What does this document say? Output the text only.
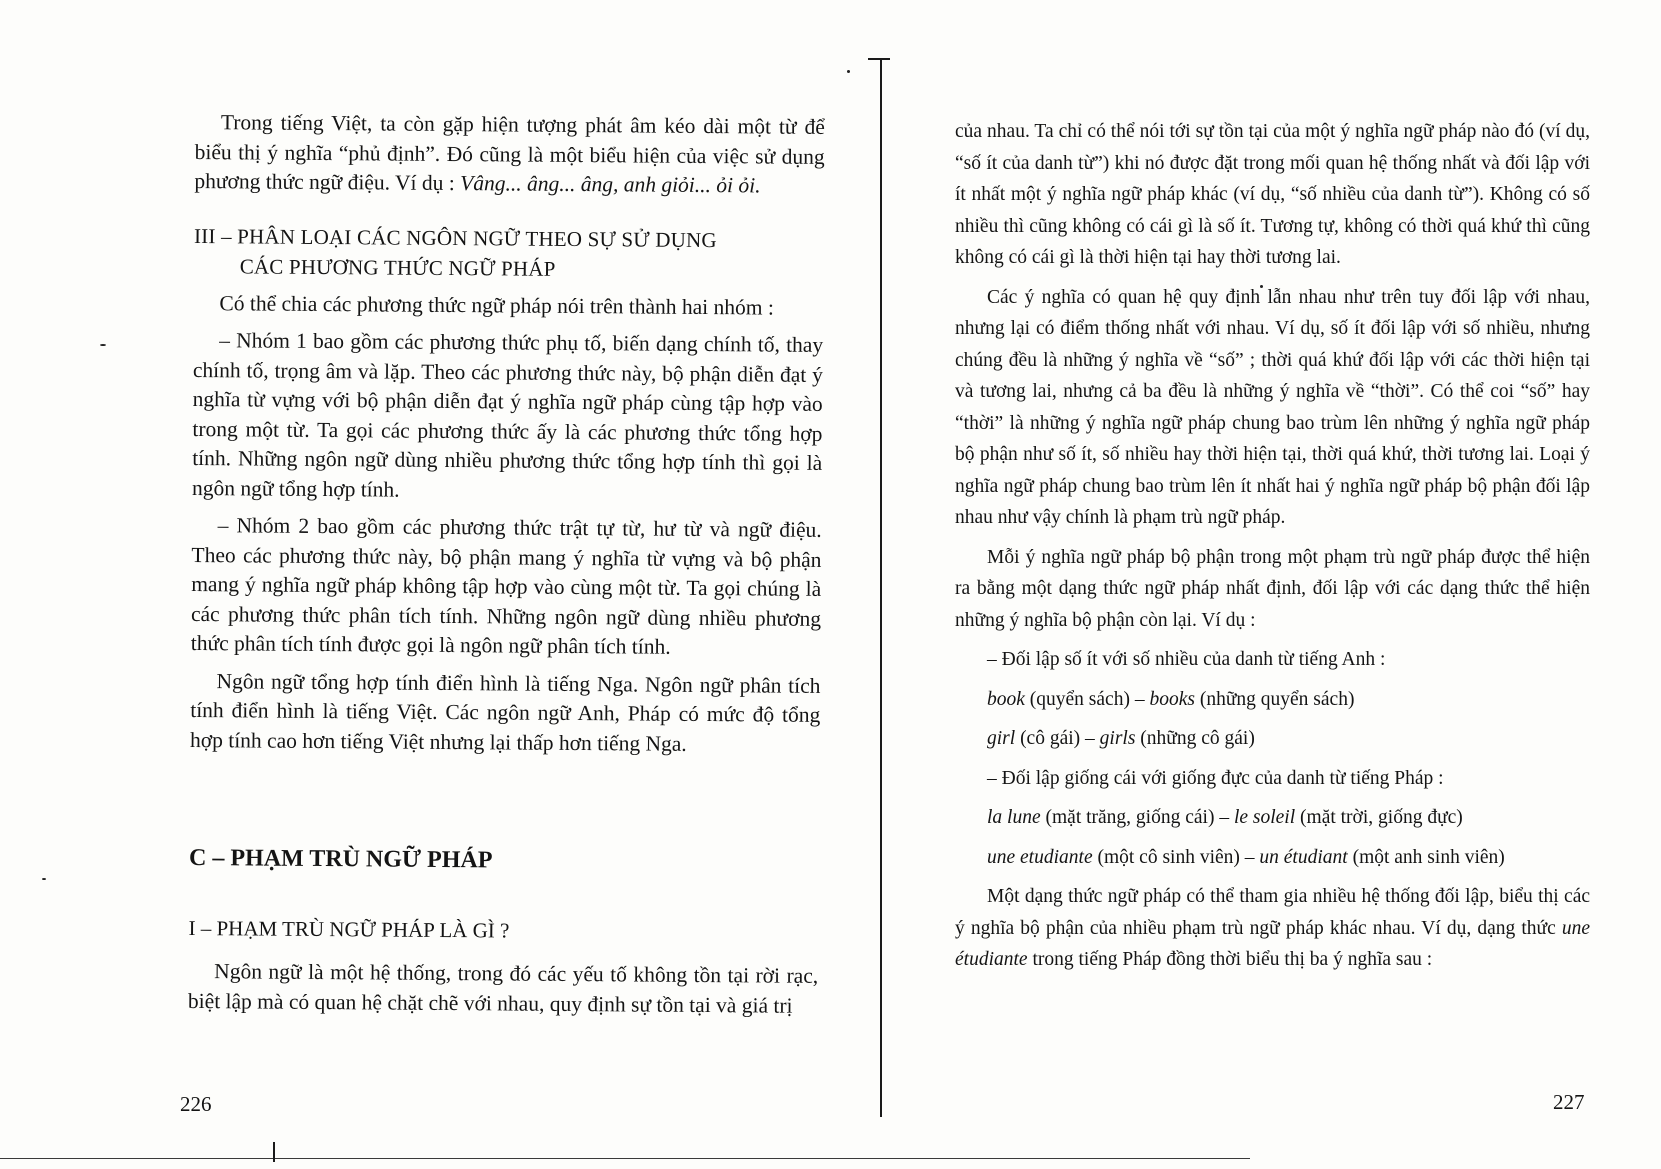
Trong tiếng Việt, ta còn gặp hiện tượng phát âm kéo dài một từ để biểu thị ý nghĩa “phủ định”. Đó cũng là một biểu hiện của việc sử dụng phương thức ngữ điệu. Ví dụ : Vâng... âng... âng, anh giỏi... ỏi ỏi.

III – PHÂN LOẠI CÁC NGÔN NGỮ THEO SỰ SỬ DỤNG
CÁC PHƯƠNG THỨC NGỮ PHÁP

Có thể chia các phương thức ngữ pháp nói trên thành hai nhóm :

– Nhóm 1 bao gồm các phương thức phụ tố, biến dạng chính tố, thay chính tố, trọng âm và lặp. Theo các phương thức này, bộ phận diễn đạt ý nghĩa từ vựng với bộ phận diễn đạt ý nghĩa ngữ pháp cùng tập hợp vào trong một từ. Ta gọi các phương thức ấy là các phương thức tổng hợp tính. Những ngôn ngữ dùng nhiều phương thức tổng hợp tính thì gọi là ngôn ngữ tổng hợp tính.

– Nhóm 2 bao gồm các phương thức trật tự từ, hư từ và ngữ điệu. Theo các phương thức này, bộ phận mang ý nghĩa từ vựng và bộ phận mang ý nghĩa ngữ pháp không tập hợp vào cùng một từ. Ta gọi chúng là các phương thức phân tích tính. Những ngôn ngữ dùng nhiều phương thức phân tích tính được gọi là ngôn ngữ phân tích tính.

Ngôn ngữ tổng hợp tính điển hình là tiếng Nga. Ngôn ngữ phân tích tính điển hình là tiếng Việt. Các ngôn ngữ Anh, Pháp có mức độ tổng hợp tính cao hơn tiếng Việt nhưng lại thấp hơn tiếng Nga.

C – PHẠM TRÙ NGỮ PHÁP
I – PHẠM TRÙ NGỮ PHÁP LÀ GÌ ?

Ngôn ngữ là một hệ thống, trong đó các yếu tố không tồn tại rời rạc, biệt lập mà có quan hệ chặt chẽ với nhau, quy định sự tồn tại và giá trị

226

của nhau. Ta chỉ có thể nói tới sự tồn tại của một ý nghĩa ngữ pháp nào đó (ví dụ, “số ít của danh từ”) khi nó được đặt trong mối quan hệ thống nhất và đối lập với ít nhất một ý nghĩa ngữ pháp khác (ví dụ, “số nhiều của danh từ”). Không có số nhiều thì cũng không có cái gì là số ít. Tương tự, không có thời quá khứ thì cũng không có cái gì là thời hiện tại hay thời tương lai.

Các ý nghĩa có quan hệ quy định lẫn nhau như trên tuy đối lập với nhau, nhưng lại có điểm thống nhất với nhau. Ví dụ, số ít đối lập với số nhiều, nhưng chúng đều là những ý nghĩa về “số” ; thời quá khứ đối lập với các thời hiện tại và tương lai, nhưng cả ba đều là những ý nghĩa về “thời”. Có thể coi “số” hay “thời” là những ý nghĩa ngữ pháp chung bao trùm lên những ý nghĩa ngữ pháp bộ phận như số ít, số nhiều hay thời hiện tại, thời quá khứ, thời tương lai. Loại ý nghĩa ngữ pháp chung bao trùm lên ít nhất hai ý nghĩa ngữ pháp bộ phận đối lập nhau như vậy chính là phạm trù ngữ pháp.

Mỗi ý nghĩa ngữ pháp bộ phận trong một phạm trù ngữ pháp được thể hiện ra bằng một dạng thức ngữ pháp nhất định, đối lập với các dạng thức thể hiện những ý nghĩa bộ phận còn lại. Ví dụ :

– Đối lập số ít với số nhiều của danh từ tiếng Anh :

book (quyển sách) – books (những quyển sách)

girl (cô gái) – girls (những cô gái)

– Đối lập giống cái với giống đực của danh từ tiếng Pháp :

la lune (mặt trăng, giống cái) – le soleil (mặt trời, giống đực)

une etudiante (một cô sinh viên) – un étudiant (một anh sinh viên)

Một dạng thức ngữ pháp có thể tham gia nhiều hệ thống đối lập, biểu thị các ý nghĩa bộ phận của nhiều phạm trù ngữ pháp khác nhau. Ví dụ, dạng thức une étudiante trong tiếng Pháp đồng thời biểu thị ba ý nghĩa sau :

227
